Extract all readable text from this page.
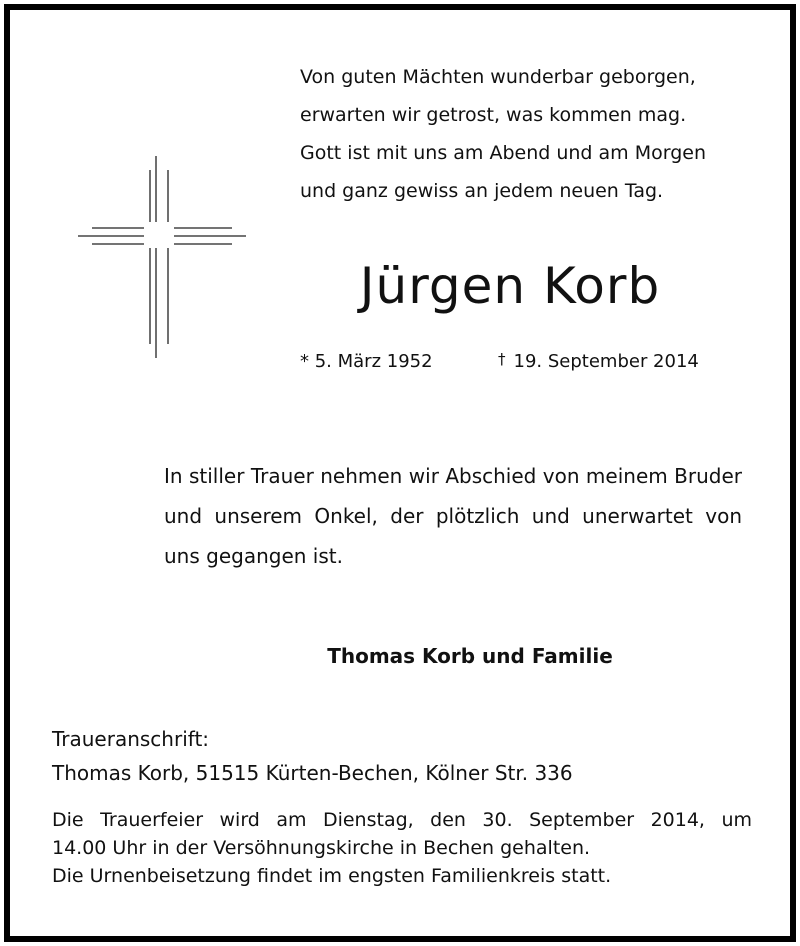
Von guten Mächten wunderbar geborgen,
erwarten wir getrost, was kommen mag.
Gott ist mit uns am Abend und am Morgen
und ganz gewiss an jedem neuen Tag.
Jürgen Korb
* 5. März 1952	† 19. September 2014
In stiller Trauer nehmen wir Abschied von meinem Bruder und unserem Onkel, der plötzlich und unerwartet von uns gegangen ist.
Thomas Korb und Familie
Traueranschrift:
Thomas Korb, 51515 Kürten-Bechen, Kölner Str. 336
Die Trauerfeier wird am Dienstag, den 30. September 2014, um
14.00 Uhr in der Versöhnungskirche in Bechen gehalten.
Die Urnenbeisetzung findet im engsten Familienkreis statt.
